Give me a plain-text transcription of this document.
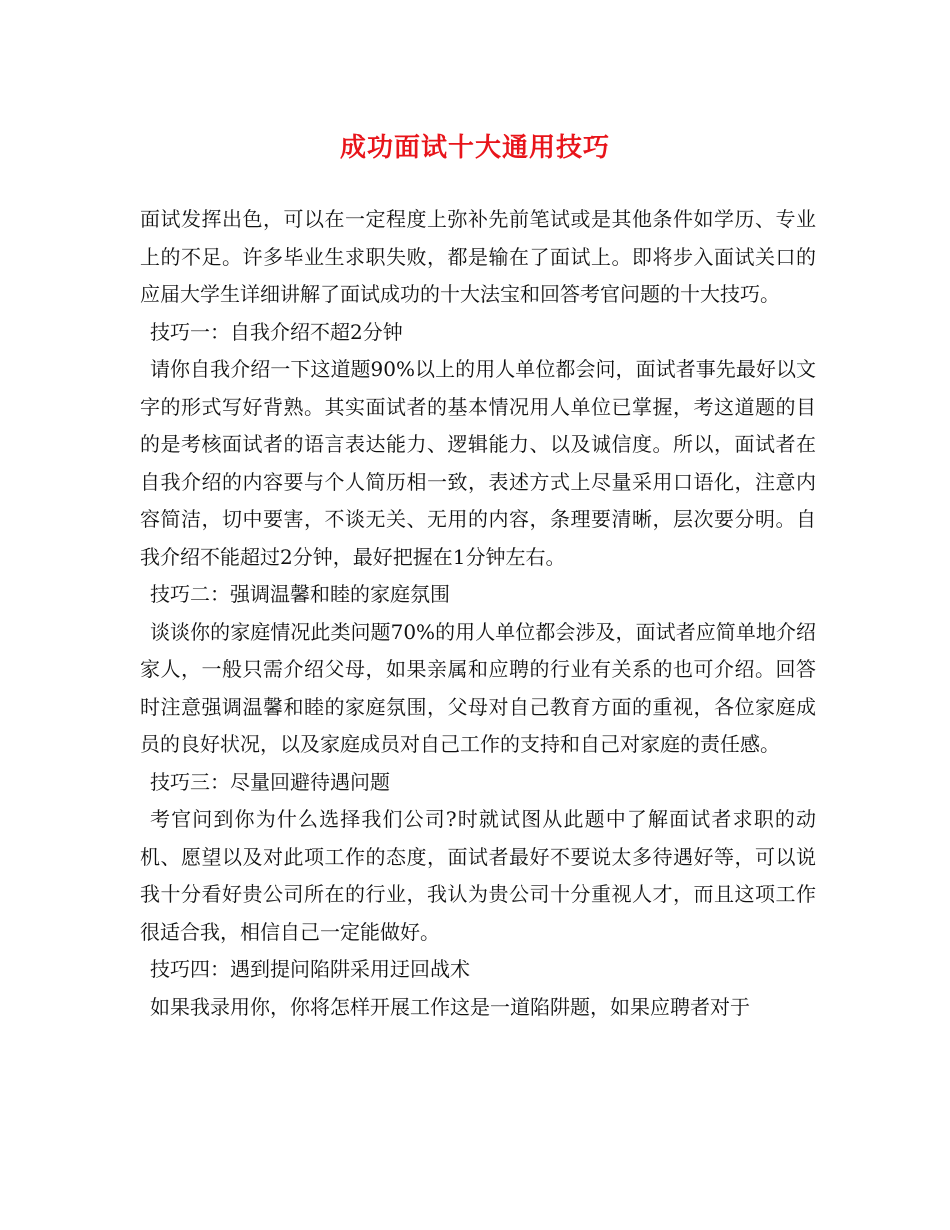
成功面试十大通用技巧

面试发挥出色，可以在一定程度上弥补先前笔试或是其他条件如学历、专业上的不足。许多毕业生求职失败，都是输在了面试上。即将步入面试关口的应届大学生详细讲解了面试成功的十大法宝和回答考官问题的十大技巧。

技巧一：自我介绍不超2分钟

请你自我介绍一下这道题90%以上的用人单位都会问，面试者事先最好以文字的形式写好背熟。其实面试者的基本情况用人单位已掌握，考这道题的目的是考核面试者的语言表达能力、逻辑能力、以及诚信度。所以，面试者在自我介绍的内容要与个人简历相一致，表述方式上尽量采用口语化，注意内容简洁，切中要害，不谈无关、无用的内容，条理要清晰，层次要分明。自我介绍不能超过2分钟，最好把握在1分钟左右。

技巧二：强调温馨和睦的家庭氛围

谈谈你的家庭情况此类问题70%的用人单位都会涉及，面试者应简单地介绍家人，一般只需介绍父母，如果亲属和应聘的行业有关系的也可介绍。回答时注意强调温馨和睦的家庭氛围，父母对自己教育方面的重视，各位家庭成员的良好状况，以及家庭成员对自己工作的支持和自己对家庭的责任感。

技巧三：尽量回避待遇问题

考官问到你为什么选择我们公司?时就试图从此题中了解面试者求职的动机、愿望以及对此项工作的态度，面试者最好不要说太多待遇好等，可以说我十分看好贵公司所在的行业，我认为贵公司十分重视人才，而且这项工作很适合我，相信自己一定能做好。

技巧四：遇到提问陷阱采用迂回战术

如果我录用你，你将怎样开展工作这是一道陷阱题，如果应聘者对于
